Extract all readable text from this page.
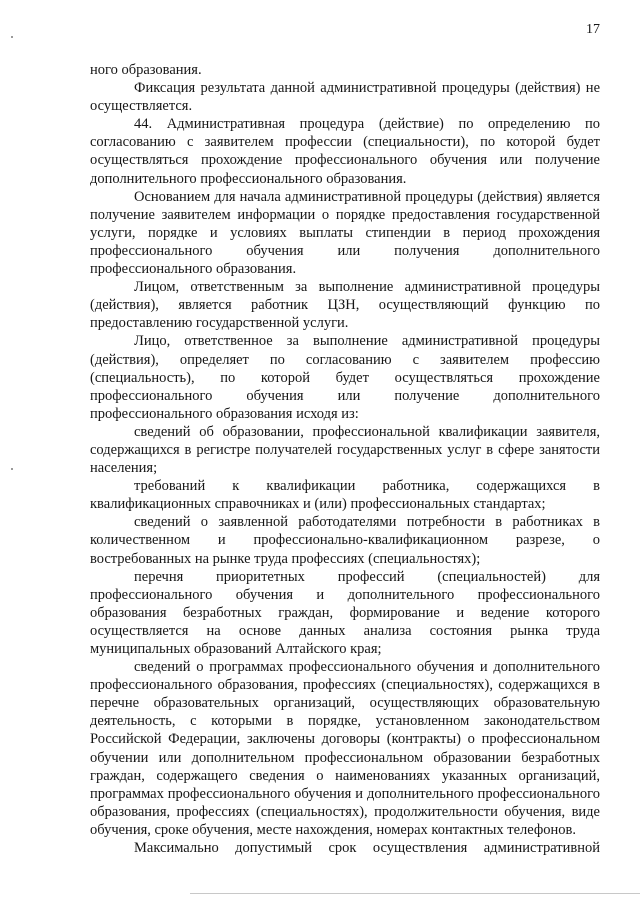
17

ного образования.

Фиксация результата данной административной процедуры (действия) не осуществляется.

44. Административная процедура (действие) по определению по согласованию с заявителем профессии (специальности), по которой будет осуществляться прохождение профессионального обучения или получение дополнительного профессионального образования.

Основанием для начала административной процедуры (действия) является получение заявителем информации о порядке предоставления государственной услуги, порядке и условиях выплаты стипендии в период прохождения профессионального обучения или получения дополнительного профессионального образования.

Лицом, ответственным за выполнение административной процедуры (действия), является работник ЦЗН, осуществляющий функцию по предоставлению государственной услуги.

Лицо, ответственное за выполнение административной процедуры (действия), определяет по согласованию с заявителем профессию (специальность), по которой будет осуществляться прохождение профессионального обучения или получение дополнительного профессионального образования исходя из:

сведений об образовании, профессиональной квалификации заявителя, содержащихся в регистре получателей государственных услуг в сфере занятости населения;

требований к квалификации работника, содержащихся в квалификационных справочниках и (или) профессиональных стандартах;

сведений о заявленной работодателями потребности в работниках в количественном и профессионально-квалификационном разрезе, о востребованных на рынке труда профессиях (специальностях);

перечня приоритетных профессий (специальностей) для профессионального обучения и дополнительного профессионального образования безработных граждан, формирование и ведение которого осуществляется на основе данных анализа состояния рынка труда муниципальных образований Алтайского края;

сведений о программах профессионального обучения и дополнительного профессионального образования, профессиях (специальностях), содержащихся в перечне образовательных организаций, осуществляющих образовательную деятельность, с которыми в порядке, установленном законодательством Российской Федерации, заключены договоры (контракты) о профессиональном обучении или дополнительном профессиональном образовании безработных граждан, содержащего сведения о наименованиях указанных организаций, программах профессионального обучения и дополнительного профессионального образования, профессиях (специальностях), продолжительности обучения, виде обучения, сроке обучения, месте нахождения, номерах контактных телефонов.

Максимально допустимый срок осуществления административной
